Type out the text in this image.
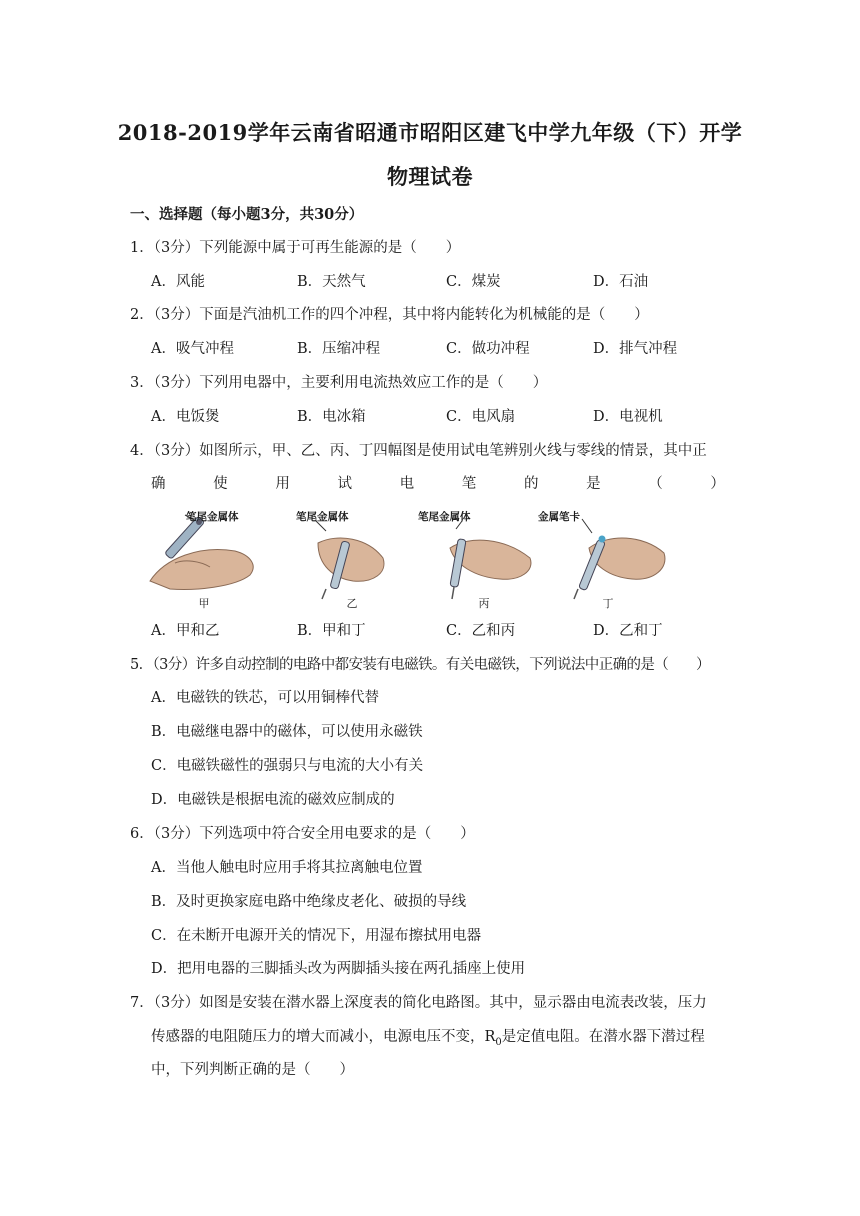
2018-2019学年云南省昭通市昭阳区建飞中学九年级（下）开学
物理试卷
一、选择题（每小题3分，共30分）
1．（3分）下列能源中属于可再生能源的是（　　）
A．风能	B．天然气	C．煤炭	D．石油
2．（3分）下面是汽油机工作的四个冲程，其中将内能转化为机械能的是（　　）
A．吸气冲程	B．压缩冲程	C．做功冲程	D．排气冲程
3．（3分）下列用电器中，主要利用电流热效应工作的是（　　）
A．电饭煲	B．电冰箱	C．电风扇	D．电视机
4．（3分）如图所示，甲、乙、丙、丁四幅图是使用试电笔辨别火线与零线的情景，其中正
确	使	用	试	电	笔	的	是	（	）
笔尾金属体
甲
笔尾金属体
乙
笔尾金属体
丙
金属笔卡
丁
A．甲和乙	B．甲和丁	C．乙和丙	D．乙和丁
5．（3分）许多自动控制的电路中都安装有电磁铁。有关电磁铁，下列说法中正确的是（　　）
A．电磁铁的铁芯，可以用铜棒代替
B．电磁继电器中的磁体，可以使用永磁铁
C．电磁铁磁性的强弱只与电流的大小有关
D．电磁铁是根据电流的磁效应制成的
6．（3分）下列选项中符合安全用电要求的是（　　）
A．当他人触电时应用手将其拉离触电位置
B．及时更换家庭电路中绝缘皮老化、破损的导线
C．在未断开电源开关的情况下，用湿布擦拭用电器
D．把用电器的三脚插头改为两脚插头接在两孔插座上使用
7．（3分）如图是安装在潜水器上深度表的简化电路图。其中，显示器由电流表改装，压力
传感器的电阻随压力的增大而减小，电源电压不变，$R_0$是定值电阻。在潜水器下潜过程
中，下列判断正确的是（　　）
